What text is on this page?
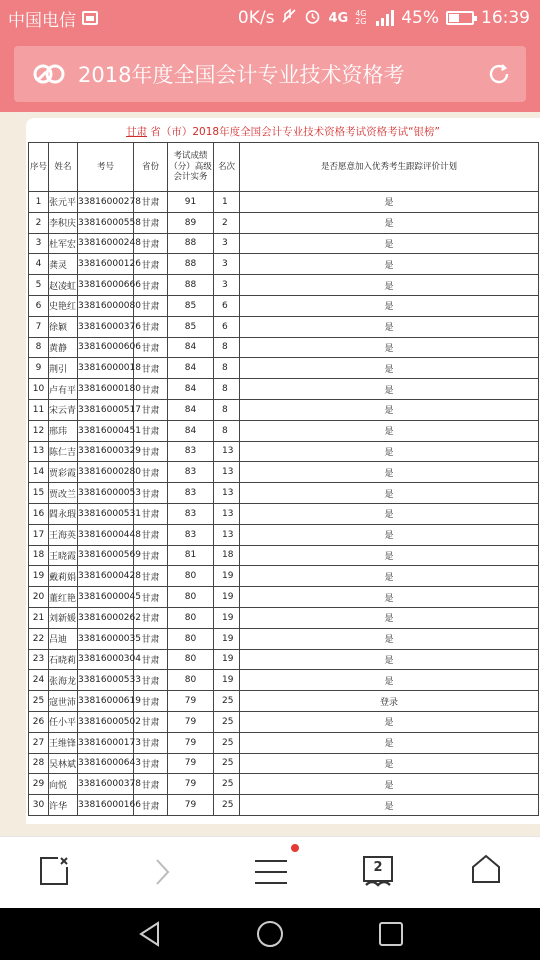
中国电信	0K/s	4G 4G 2G 45% 16:39
2018年度全国会计专业技术资格考
甘肃 省（市）2018年度全国会计专业技术资格考试资格考试“银榜”
序号	姓名	考号	省份	考试成绩（分）高级会计实务	名次	是否愿意加入优秀考生跟踪评价计划
1	张元平	33816000278	甘肃	91	1	是
2	李积庆	33816000558	甘肃	89	2	是
3	杜军宏	33816000248	甘肃	88	3	是
4	龚灵	33816000126	甘肃	88	3	是
5	赵凌虹	33816000666	甘肃	88	3	是
6	史艳红	33816000080	甘肃	85	6	是
7	徐颖	33816000376	甘肃	85	6	是
8	黄静	33816000606	甘肃	84	8	是
9	荆引	33816000018	甘肃	84	8	是
10	卢有平	33816000180	甘肃	84	8	是
11	宋云青	33816000517	甘肃	84	8	是
12	邢玮	33816000451	甘肃	84	8	是
13	陈仁吉	33816000329	甘肃	83	13	是
14	贾彩霞	33816000280	甘肃	83	13	是
15	贾改兰	33816000053	甘肃	83	13	是
16	閻永瑕	33816000531	甘肃	83	13	是
17	王海英	33816000448	甘肃	83	13	是
18	王晓霞	33816000569	甘肃	81	18	是
19	戴莉娟	33816000428	甘肃	80	19	是
20	董红艳	33816000045	甘肃	80	19	是
21	刘新媛	33816000262	甘肃	80	19	是
22	吕迪	33816000035	甘肃	80	19	是
23	石晓莉	33816000304	甘肃	80	19	是
24	张海龙	33816000533	甘肃	80	19	是
25	寇世沛	33816000619	甘肃	79	25	登录
26	任小平	33816000502	甘肃	79	25	是
27	王维锋	33816000173	甘肃	79	25	是
28	吴林斌	33816000643	甘肃	79	25	是
29	向悦	33816000378	甘肃	79	25	是
30	许华	33816000166	甘肃	79	25	是
2
